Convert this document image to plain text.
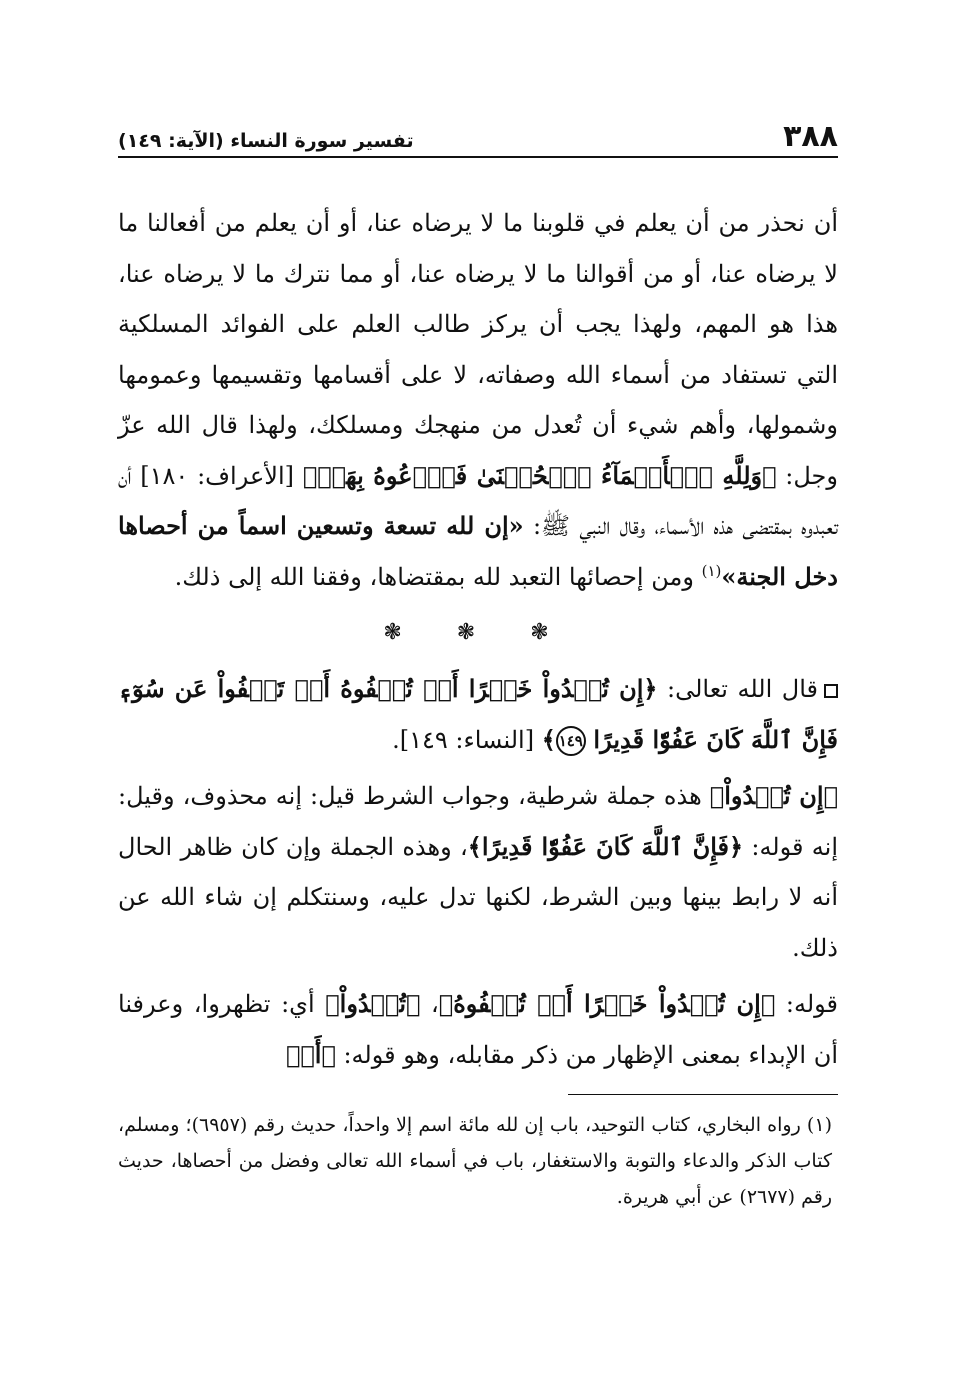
٣٨٨
تفسير سورة النساء (الآية: ١٤٩)

أن نحذر من أن يعلم في قلوبنا ما لا يرضاه عنا، أو أن يعلم من أفعالنا ما لا يرضاه عنا، أو من أقوالنا ما لا يرضاه عنا، أو مما نترك ما لا يرضاه عنا، هذا هو المهم، ولهذا يجب أن يركز طالب العلم على الفوائد المسلكية التي تستفاد من أسماء الله وصفاته، لا على أقسامها وتقسيمها وعمومها وشمولها، وأهم شيء أن تُعدل من منهجك ومسلكك، ولهذا قال الله عزّ وجل: ﴿وَلِلَّهِ ٱلۡأَسۡمَآءُ ٱلۡحُسۡنَىٰ فَٱدۡعُوهُ بِهَاۖ﴾ [الأعراف: ١٨٠] أن تعبدوه بمقتضى هذه الأسماء، وقال النبي ﷺ: «إن لله تسعة وتسعين اسماً من أحصاها دخل الجنة»$^{(١)}$ ومن إحصائها التعبد لله بمقتضاها، وفقنا الله إلى ذلك.

❃ ❃ ❃

قال الله تعالى: ﴿إِن تُبۡدُواْ خَيۡرًا أَوۡ تُخۡفُوهُ أَوۡ تَعۡفُواْ عَن سُوٓءٖ فَإِنَّ ٱللَّهَ كَانَ عَفُوّٗا قَدِيرًا ١٤٩﴾ [النساء: ١٤٩].

﴿إِن تُبۡدُواْ﴾ هذه جملة شرطية، وجواب الشرط قيل: إنه محذوف، وقيل: إنه قوله: ﴿فَإِنَّ ٱللَّهَ كَانَ عَفُوّٗا قَدِيرًا﴾، وهذه الجملة وإن كان ظاهر الحال أنه لا رابط بينها وبين الشرط، لكنها تدل عليه، وسنتكلم إن شاء الله عن ذلك.

قوله: ﴿إِن تُبۡدُواْ خَيۡرًا أَوۡ تُخۡفُوهُ﴾، ﴿تُبۡدُواْ﴾ أي: تظهروا، وعرفنا أن الإبداء بمعنى الإظهار من ذكر مقابله، وهو قوله: ﴿أَوۡ

(١) رواه البخاري، كتاب التوحيد، باب إن لله مائة اسم إلا واحداً، حديث رقم (٦٩٥٧)؛ ومسلم، كتاب الذكر والدعاء والتوبة والاستغفار، باب في أسماء الله تعالى وفضل من أحصاها، حديث رقم (٢٦٧٧) عن أبي هريرة.
